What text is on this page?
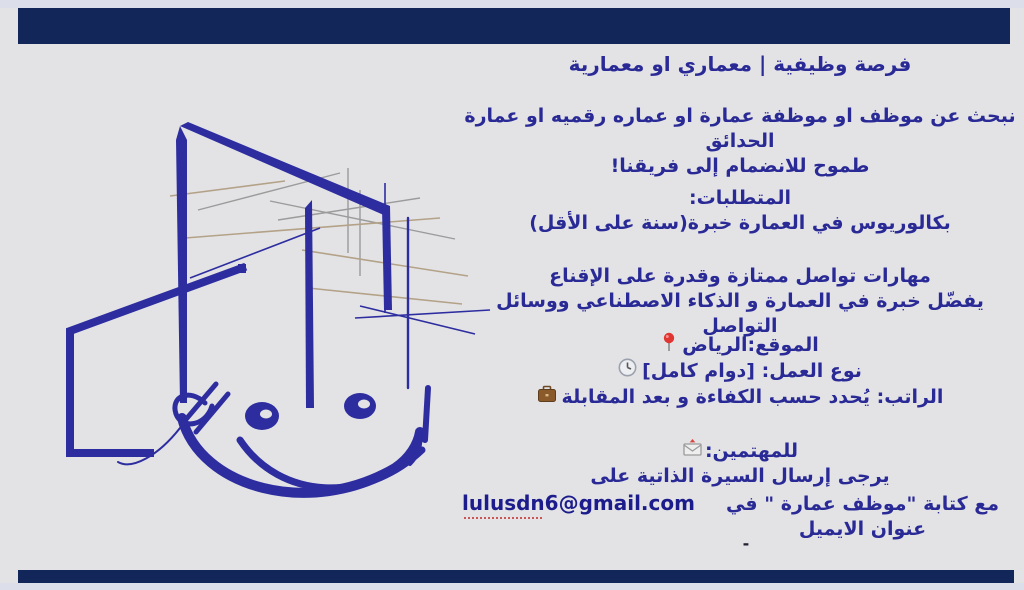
فرصة وظيفية | معماري او معمارية
نبحث عن موظف او موظفة عمارة او عماره رقميه او عمارة الحدائق
طموح للانضمام إلى فريقنا!
المتطلبات:
بكالوريوس في العمارة خبرة(سنة على الأقل)
مهارات تواصل ممتازة وقدرة على الإقناع
يفضّل خبرة في العمارة و الذكاء الاصطناعي ووسائل التواصل
الموقع:الرياض
نوع العمل: [دوام كامل]
الراتب: يُحدد حسب الكفاءة و بعد المقابلة
للمهتمين:
يرجى إرسال السيرة الذاتية على
lulusdn6@gmail.com	مع كتابة "موظف عمارة " في عنوان الايميل
-
